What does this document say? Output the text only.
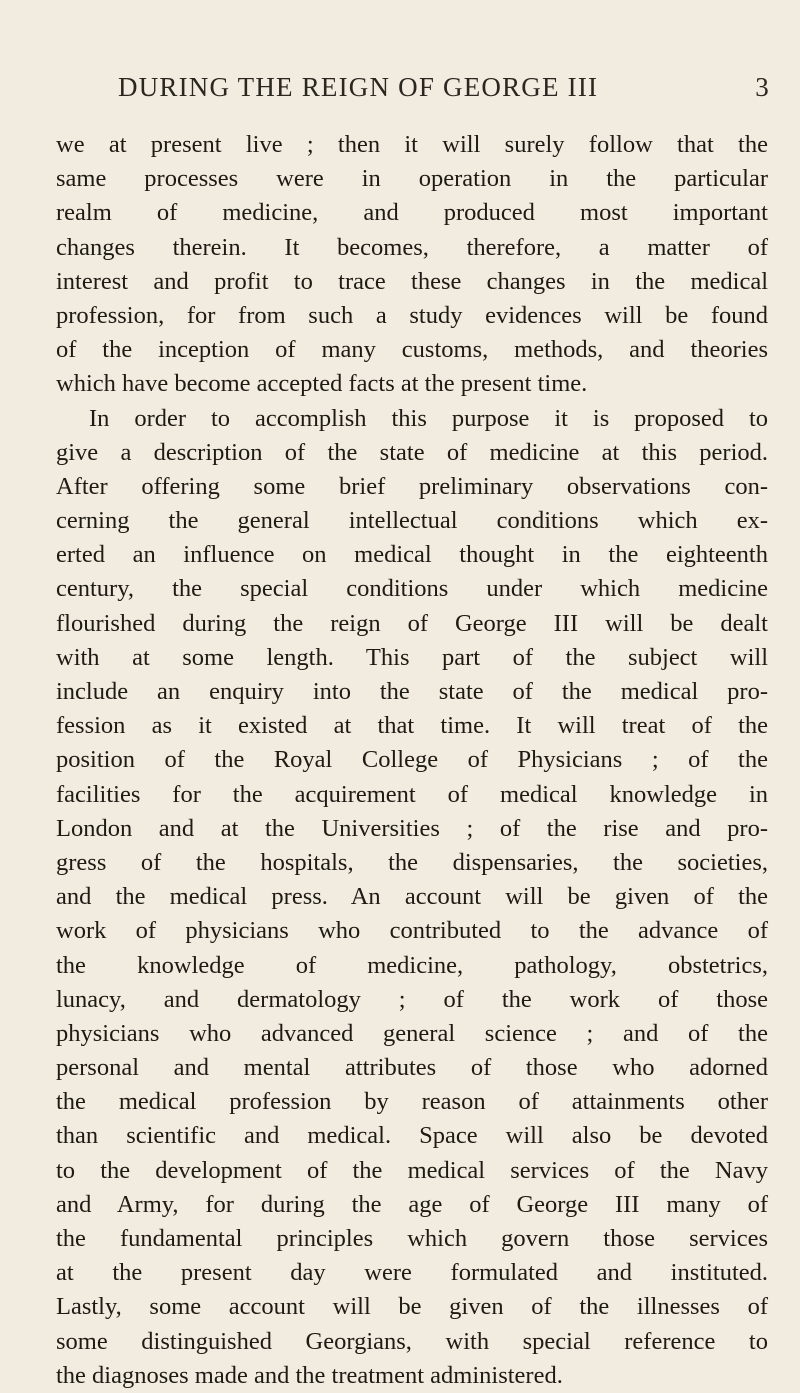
DURING THE REIGN OF GEORGE III	3
we at present live ; then it will surely follow that the
same processes were in operation in the particular
realm of medicine, and produced most important
changes therein. It becomes, therefore, a matter of
interest and profit to trace these changes in the medical
profession, for from such a study evidences will be found
of the inception of many customs, methods, and theories
which have become accepted facts at the present time.
In order to accomplish this purpose it is proposed to
give a description of the state of medicine at this period.
After offering some brief preliminary observations con-
cerning the general intellectual conditions which ex-
erted an influence on medical thought in the eighteenth
century, the special conditions under which medicine
flourished during the reign of George III will be dealt
with at some length. This part of the subject will
include an enquiry into the state of the medical pro-
fession as it existed at that time. It will treat of the
position of the Royal College of Physicians ; of the
facilities for the acquirement of medical knowledge in
London and at the Universities ; of the rise and pro-
gress of the hospitals, the dispensaries, the societies,
and the medical press. An account will be given of the
work of physicians who contributed to the advance of
the knowledge of medicine, pathology, obstetrics,
lunacy, and dermatology ; of the work of those
physicians who advanced general science ; and of the
personal and mental attributes of those who adorned
the medical profession by reason of attainments other
than scientific and medical. Space will also be devoted
to the development of the medical services of the Navy
and Army, for during the age of George III many of
the fundamental principles which govern those services
at the present day were formulated and instituted.
Lastly, some account will be given of the illnesses of
some distinguished Georgians, with special reference to
the diagnoses made and the treatment administered.
